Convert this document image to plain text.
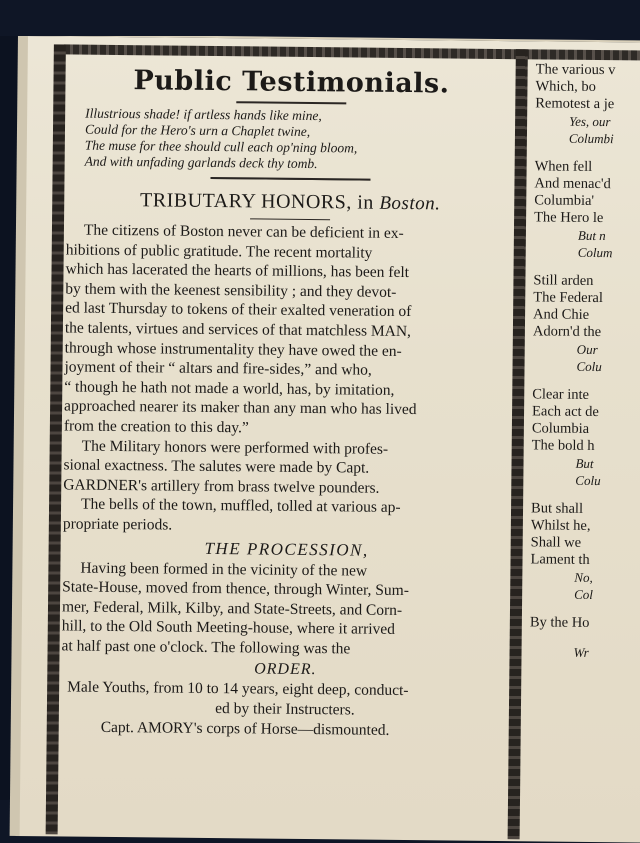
Public Testimonials.
Illustrious shade! if artless hands like mine,
Could for the Hero's urn a Chaplet twine,
The muse for thee should cull each op'ning bloom,
And with unfading garlands deck thy tomb.
TRIBUTARY HONORS, in Boston.
The citizens of Boston never can be deficient in ex-
hibitions of public gratitude. The recent mortality
which has lacerated the hearts of millions, has been felt
by them with the keenest sensibility ; and they devot-
ed last Thursday to tokens of their exalted veneration of
the talents, virtues and services of that matchless MAN,
through whose instrumentality they have owed the en-
joyment of their “ altars and fire-sides,” and who,
“ though he hath not made a world, has, by imitation,
approached nearer its maker than any man who has lived
from the creation to this day.”
The Military honors were performed with profes-
sional exactness. The salutes were made by Capt.
GARDNER's artillery from brass twelve pounders.
The bells of the town, muffled, tolled at various ap-
propriate periods.
THE PROCESSION,
Having been formed in the vicinity of the new
State-House, moved from thence, through Winter, Sum-
mer, Federal, Milk, Kilby, and State-Streets, and Corn-
hill, to the Old South Meeting-house, where it arrived
at half past one o'clock. The following was the
ORDER.
Male Youths, from 10 to 14 years, eight deep, conduct-
ed by their Instructers.
Capt. AMORY's corps of Horse—dismounted.
The various v
Which, bo
Remotest a je
Yes, our
Columbi
When fell
And menac'd
Columbia'
The Hero le
But n
Colum
Still arden
The Federal
And Chie
Adorn'd the
Our
Colu
Clear inte
Each act de
Columbia
The bold h
But
Colu
But shall
Whilst he,
Shall we
Lament th
No,
Col
By the Ho
Wr
